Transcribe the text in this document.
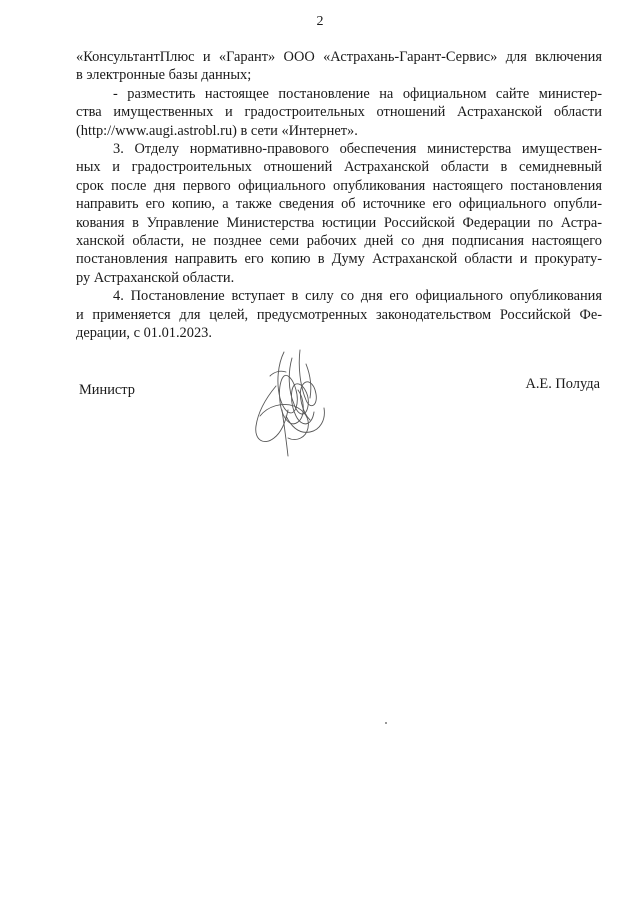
2
«КонсультантПлюс и «Гарант» ООО «Астрахань-Гарант-Сервис» для включения
в электронные базы данных;
- разместить настоящее постановление на официальном сайте министер-
ства имущественных и градостроительных отношений Астраханской области
(http://www.augi.astrobl.ru) в сети «Интернет».
3. Отделу нормативно-правового обеспечения министерства имуществен-
ных и градостроительных отношений Астраханской области в семидневный
срок после дня первого официального опубликования настоящего постановления
направить его копию, а также сведения об источнике его официального опубли-
кования в Управление Министерства юстиции Российской Федерации по Астра-
ханской области, не позднее семи рабочих дней со дня подписания настоящего
постановления направить его копию в Думу Астраханской области и прокурату-
ру Астраханской области.
4. Постановление вступает в силу со дня его официального опубликования
и применяется для целей, предусмотренных законодательством Российской Фе-
дерации, с 01.01.2023.
Министр	А.Е. Полуда
